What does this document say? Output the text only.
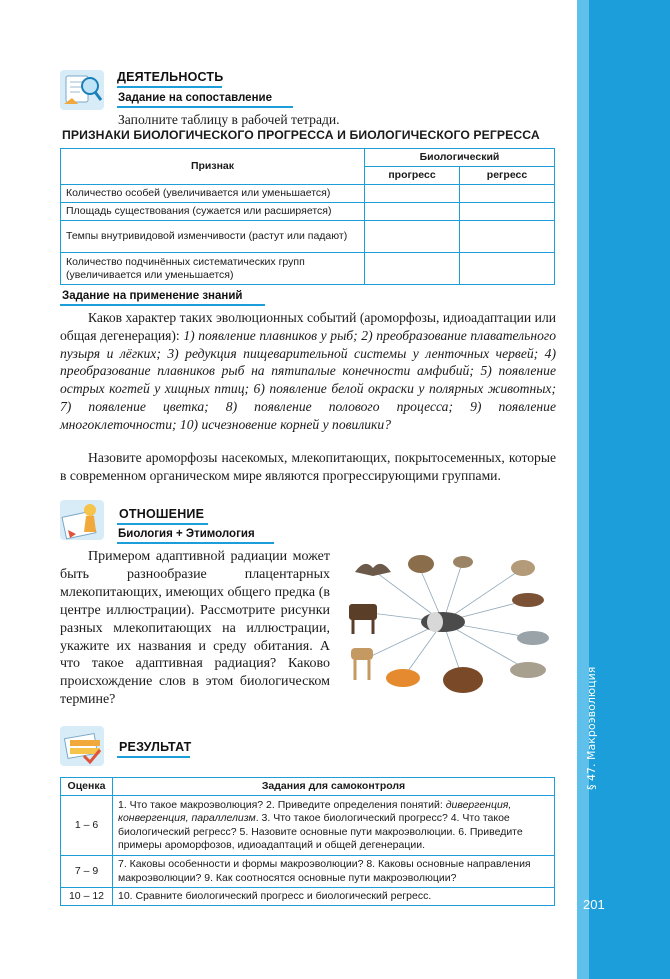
201
ДЕЯТЕЛЬНОСТЬ
Задание на сопоставление
Заполните таблицу в рабочей тетради.
ПРИЗНАКИ БИОЛОГИЧЕСКОГО ПРОГРЕССА И БИОЛОГИЧЕСКОГО РЕГРЕССА
Признак	Биологический	
	прогресс	регресс
Количество особей (увеличивается или уменьшается)		
Площадь существования (сужается или расширяется)		
Темпы внутривидовой изменчивости (растут или падают)		
Количество подчинённых систематических групп (увеличивается или уменьшается)		
Задание на применение знаний
Каков характер таких эволюционных событий (ароморфозы, идиоадаптации или общая дегенерация): 1) появление плавников у рыб; 2) преобразование плавательного пузыря и лёгких; 3) редукция пищеварительной системы у ленточных червей; 4) преобразование плавников рыб на пятипалые конечности амфибий; 5) появление острых когтей у хищных птиц; 6) появление белой окраски у полярных животных; 7) появление цветка; 8) появление полового процесса; 9) появление многоклеточности; 10) исчезновение корней у повилики?
Назовите ароморфозы насекомых, млекопитающих, покрытосеменных, которые в современном органическом мире являются прогрессирующими группами.
ОТНОШЕНИЕ
Биология + Этимология
Примером адаптивной радиации может быть разнообразие плацентарных млекопитающих, имеющих общего предка (в центре иллюстрации). Рассмотрите рисунки разных млекопитающих на иллюстрации, укажите их названия и среду обитания. А что такое адаптивная радиация? Каково происхождение слов в этом биологическом термине?
РЕЗУЛЬТАТ
Оценка	Задания для самоконтроля
1 – 6	1. Что такое макроэволюция? 2. Приведите определения понятий: дивергенция, конвергенция, параллелизм. 3. Что такое биологический прогресс? 4. Что такое биологический регресс? 5. Назовите основные пути макроэволюции. 6. Приведите примеры ароморфозов, идиоадаптаций и общей дегенерации.
7 – 9	7. Каковы особенности и формы макроэволюции? 8. Каковы основные направления макроэволюции? 9. Как соотносятся основные пути макроэволюции?
10 – 12	10. Сравните биологический прогресс и биологический регресс.
